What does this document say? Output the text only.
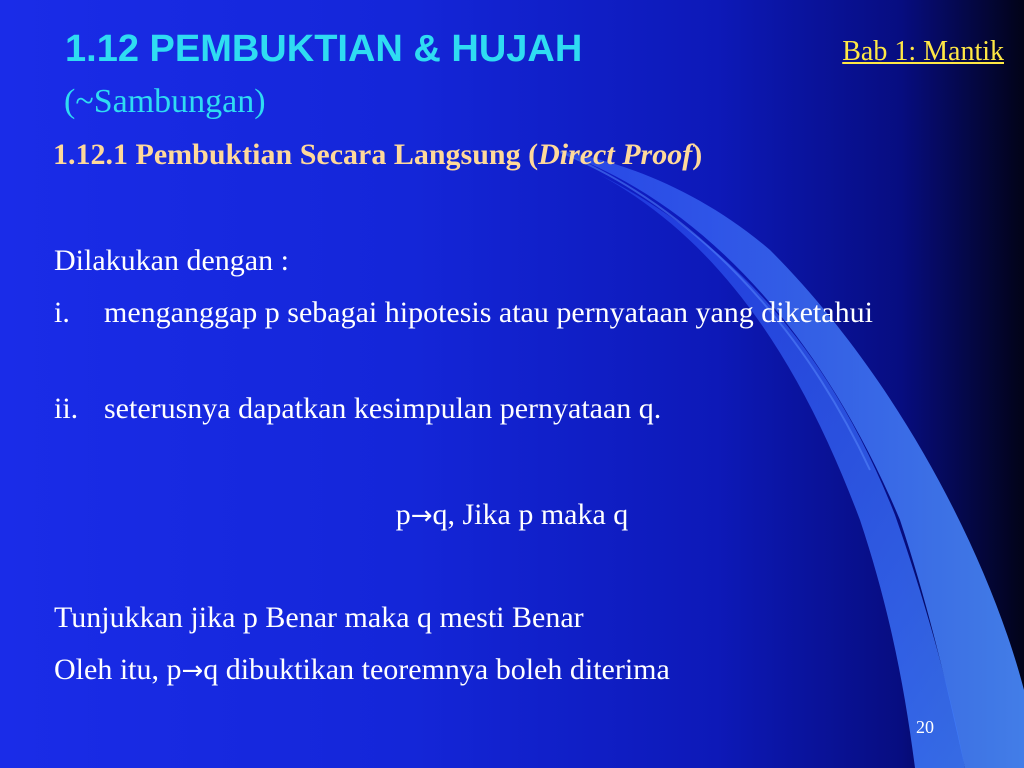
1.12 PEMBUKTIAN & HUJAH
(~Sambungan)
Bab 1: Mantik
1.12.1 Pembuktian Secara Langsung (Direct Proof)
Dilakukan dengan :
i. menganggap p sebagai hipotesis atau pernyataan yang diketahui
ii. seterusnya dapatkan kesimpulan pernyataan q.
p→q, Jika p maka q
Tunjukkan jika p Benar maka q mesti Benar
Oleh itu, p→q dibuktikan teoremnya boleh diterima
20
